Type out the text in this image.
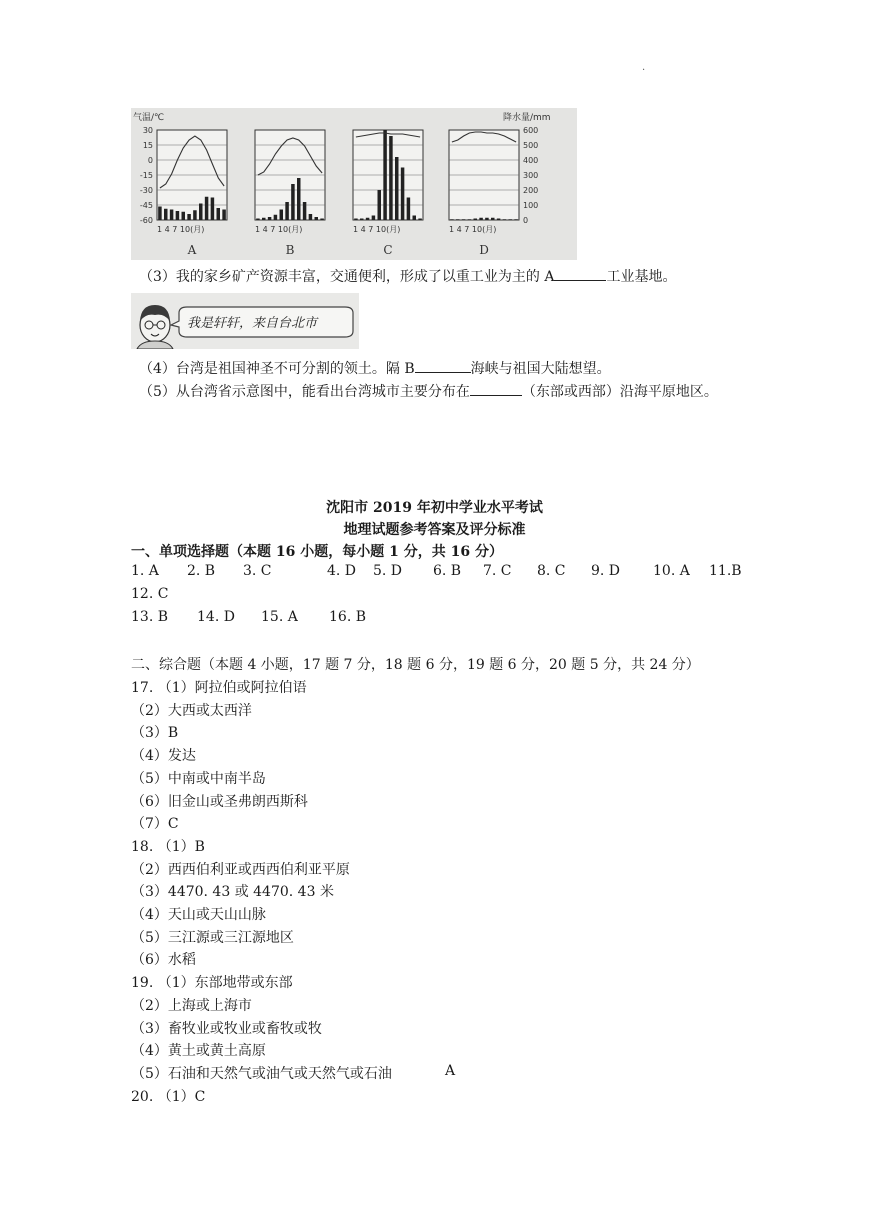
.
气温/℃	降水量/mm
30
15
0
-15
-30
-45
-60
600
500
400
300
200
100
0
1 4 7 10(月)
A
1 4 7 10(月)
B
1 4 7 10(月)
C
1 4 7 10(月)
D
（3）我的家乡矿产资源丰富，交通便利，形成了以重工业为主的 A	工业基地。
我是轩轩，来自台北市
（4）台湾是祖国神圣不可分割的领土。隔 B	海峡与祖国大陆想望。
（5）从台湾省示意图中，能看出台湾城市主要分布在	（东部或西部）沿海平原地区。
沈阳市 2019 年初中学业水平考试
地理试题参考答案及评分标准
一、单项选择题（本题 16 小题，每小题 1 分，共 16 分）
1. A 2. B 3. C	4. D 5. D 6. B 7. C 8. C 9. D 10. A 11.B
12. C
13. B 14. D 15. A 16. B
二、综合题（本题 4 小题，17 题 7 分，18 题 6 分，19 题 6 分，20 题 5 分，共 24 分）
17. （1）阿拉伯或阿拉伯语
（2）大西或太西洋
（3）B
（4）发达
（5）中南或中南半岛
（6）旧金山或圣弗朗西斯科
（7）C
18. （1）B
（2）西西伯利亚或西西伯利亚平原
（3）4470. 43 或 4470. 43 米
（4）天山或天山山脉
（5）三江源或三江源地区
（6）水稻
19. （1）东部地带或东部
（2）上海或上海市
（3）畜牧业或牧业或畜牧或牧
（4）黄土或黄土高原
（5）石油和天然气或油气或天然气或石油
20. （1）C
A
